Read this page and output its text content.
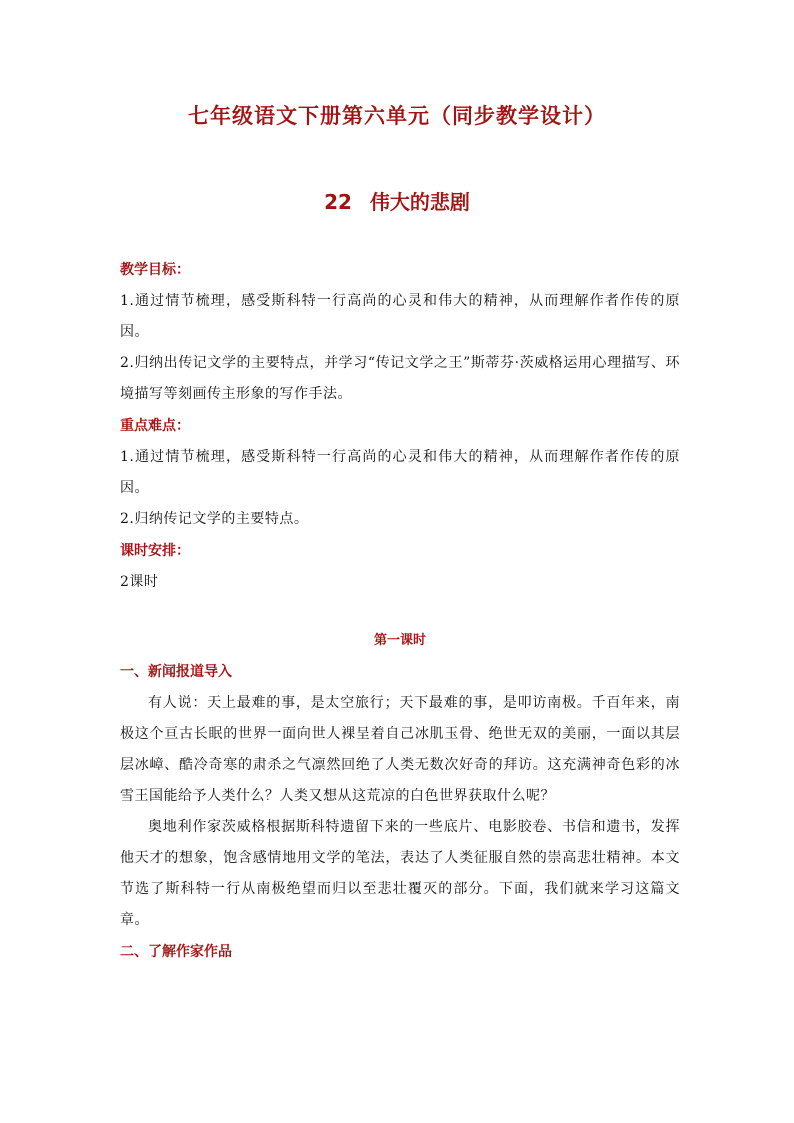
七年级语文下册第六单元（同步教学设计）
22 伟大的悲剧

教学目标：

1.通过情节梳理，感受斯科特一行高尚的心灵和伟大的精神，从而理解作者作传的原因。

2.归纳出传记文学的主要特点，并学习“传记文学之王”斯蒂芬·茨威格运用心理描写、环境描写等刻画传主形象的写作手法。

重点难点：

1.通过情节梳理，感受斯科特一行高尚的心灵和伟大的精神，从而理解作者作传的原因。

2.归纳传记文学的主要特点。

课时安排：

2课时

第一课时

一、新闻报道导入

有人说：天上最难的事，是太空旅行；天下最难的事，是叩访南极。千百年来，南极这个亘古长眠的世界一面向世人裸呈着自己冰肌玉骨、绝世无双的美丽，一面以其层层冰嶂、酷冷奇寒的肃杀之气凛然回绝了人类无数次好奇的拜访。这充满神奇色彩的冰雪王国能给予人类什么？人类又想从这荒凉的白色世界获取什么呢？

奥地利作家茨威格根据斯科特遗留下来的一些底片、电影胶卷、书信和遗书，发挥他天才的想象，饱含感情地用文学的笔法，表达了人类征服自然的崇高悲壮精神。本文节选了斯科特一行从南极绝望而归以至悲壮覆灭的部分。下面，我们就来学习这篇文章。

二、了解作家作品
